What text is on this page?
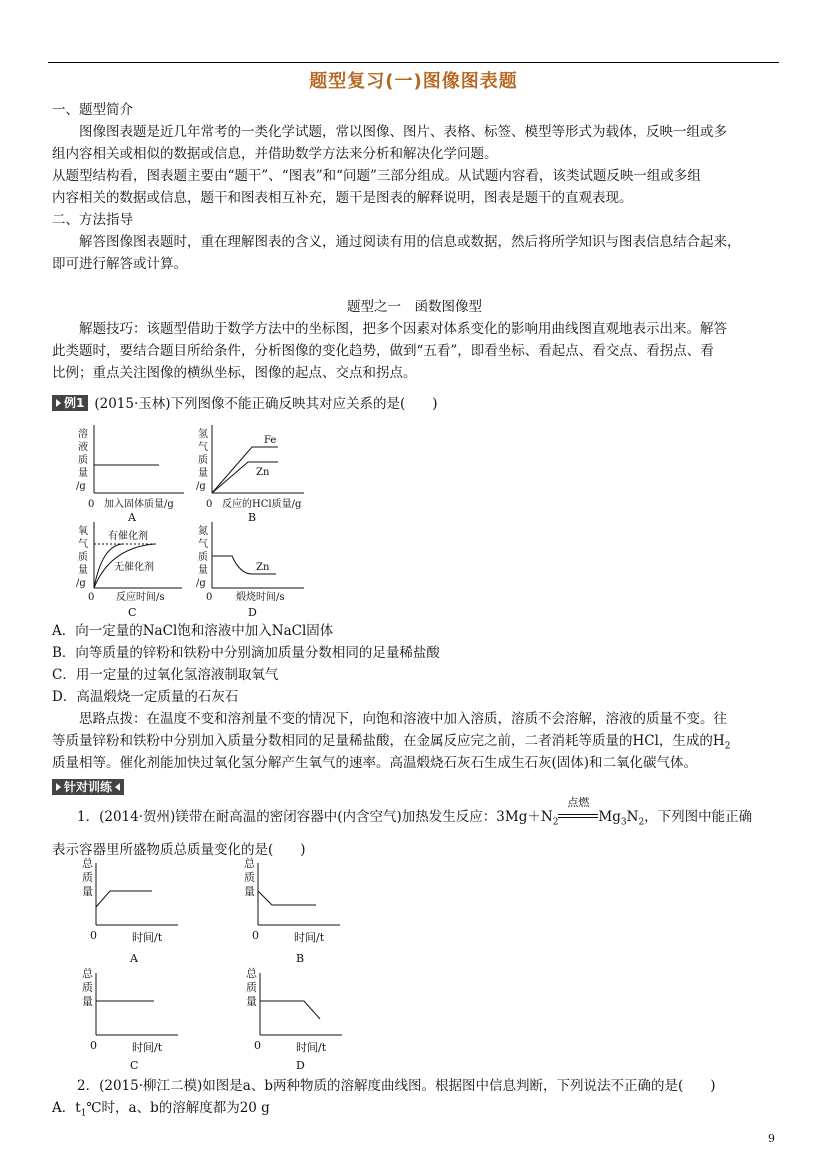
题型复习(一)图像图表题
一、题型简介
图像图表题是近几年常考的一类化学试题，常以图像、图片、表格、标签、模型等形式为载体，反映一组或多
组内容相关或相似的数据或信息，并借助数学方法来分析和解决化学问题。
从题型结构看，图表题主要由“题干”、“图表”和“问题”三部分组成。从试题内容看，该类试题反映一组或多组
内容相关的数据或信息，题干和图表相互补充，题干是图表的解释说明，图表是题干的直观表现。
二、方法指导
解答图像图表题时，重在理解图表的含义，通过阅读有用的信息或数据，然后将所学知识与图表信息结合起来，
即可进行解答或计算。
题型之一　函数图像型
解题技巧：该题型借助于数学方法中的坐标图，把多个因素对体系变化的影响用曲线图直观地表示出来。解答
此类题时，要结合题目所给条件，分析图像的变化趋势，做到“五看”，即看坐标、看起点、看交点、看拐点、看
比例；重点关注图像的横纵坐标，图像的起点、交点和拐点。
例1 (2015·玉林)下列图像不能正确反映其对应关系的是(　　)
溶
液
质
量
/g
0 加入固体质量/g
A
氢
气
质
量
/g
Fe
Zn
0 反应的HCl质量/g
B
氧
气
质
量
/g
有催化剂
无催化剂
0 反应时间/s
C
氮
气
质
量
/g
Zn
0 煅烧时间/s
D
A．向一定量的NaCl饱和溶液中加入NaCl固体
B．向等质量的锌粉和铁粉中分别滴加质量分数相同的足量稀盐酸
C．用一定量的过氧化氢溶液制取氧气
D．高温煅烧一定质量的石灰石
思路点拨：在温度不变和溶剂量不变的情况下，向饱和溶液中加入溶质，溶质不会溶解，溶液的质量不变。往
等质量锌粉和铁粉中分别加入质量分数相同的足量稀盐酸，在金属反应完之前，二者消耗等质量的HCl，生成的$H_2$
质量相等。催化剂能加快过氧化氢分解产生氧气的速率。高温煅烧石灰石生成生石灰(固体)和二氧化碳气体。
针对训练
1．(2014·贺州)镁带在耐高温的密闭容器中(内含空气)加热发生反应：$3Mg+N_2$
点燃
$Mg_3N_2$，下列图中能正确
表示容器里所盛物质总质量变化的是(　　)
总
质
量
0	时间/t
A
总
质
量
0	时间/t
B
总
质
量
0	时间/t
C
总
质
量
0	时间/t
D
2．(2015·柳江二模)如图是a、b两种物质的溶解度曲线图。根据图中信息判断，下列说法不正确的是(　　)
A．$t_1℃$时，a、b的溶解度都为20 g
9
